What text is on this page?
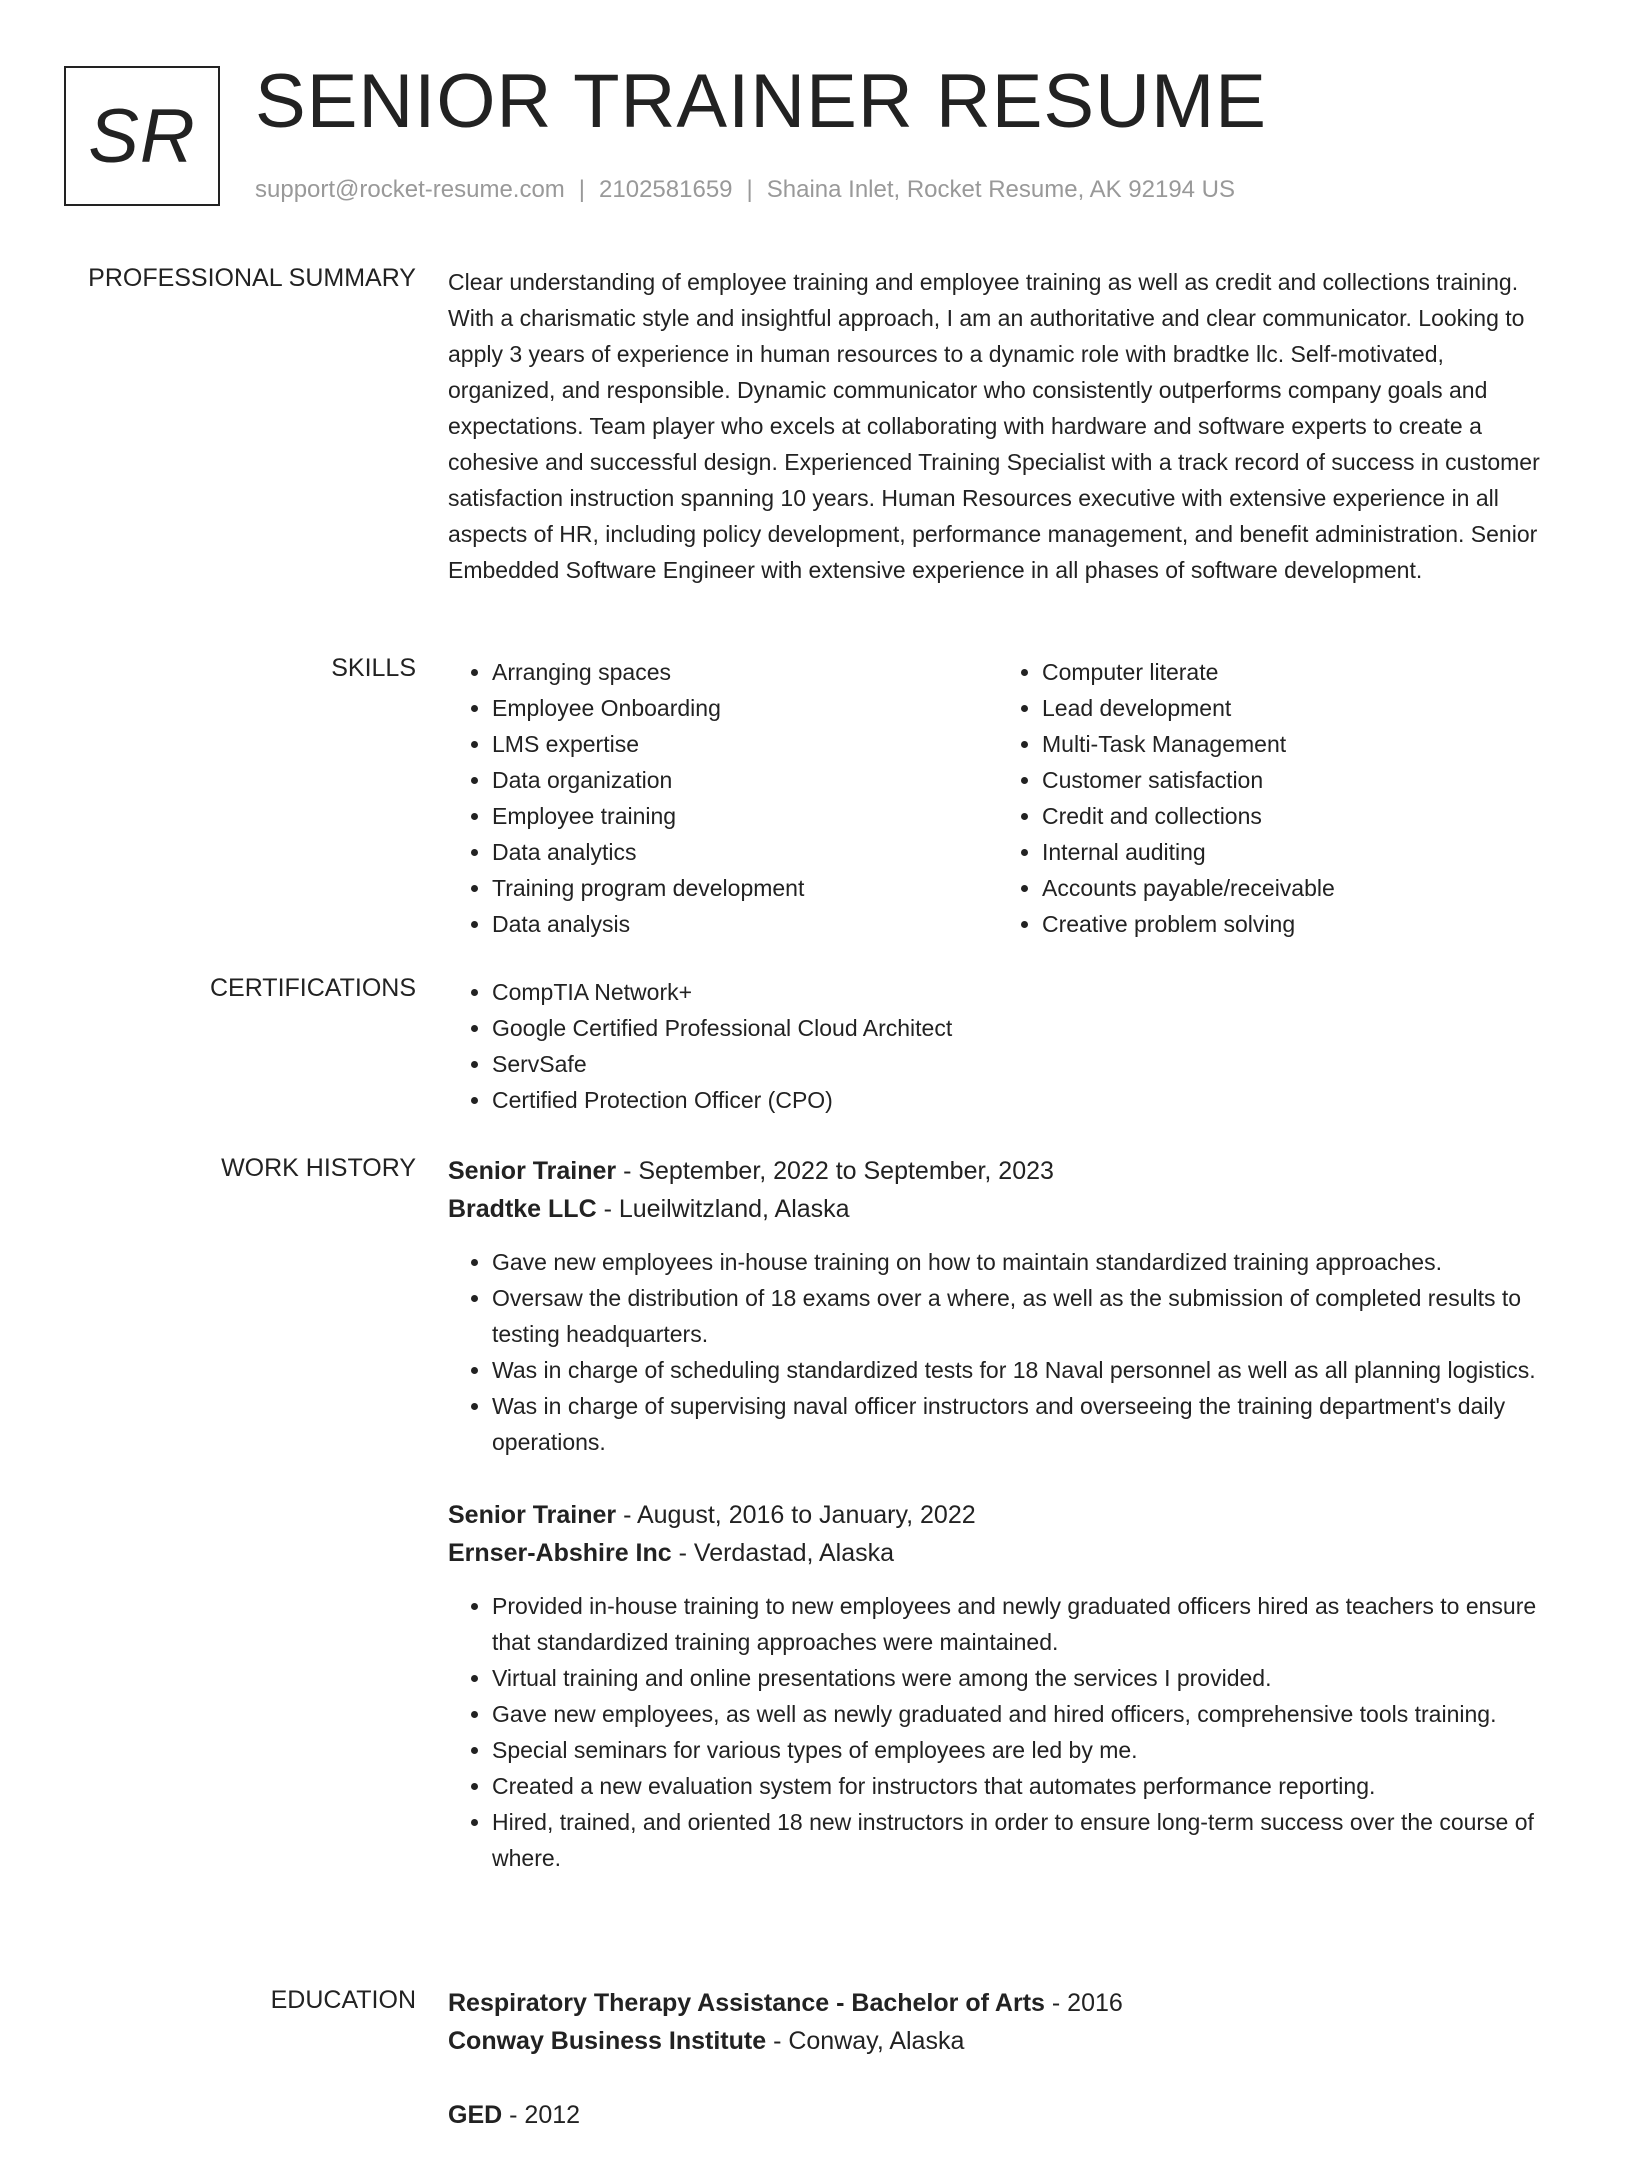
SR SENIOR TRAINER RESUME
support@rocket-resume.com | 2102581659 | Shaina Inlet, Rocket Resume, AK 92194 US
PROFESSIONAL SUMMARY Clear understanding of employee training and employee training as well as credit and collections training. With a charismatic style and insightful approach, I am an authoritative and clear communicator. Looking to apply 3 years of experience in human resources to a dynamic role with bradtke llc. Self-motivated, organized, and responsible. Dynamic communicator who consistently outperforms company goals and expectations. Team player who excels at collaborating with hardware and software experts to create a cohesive and successful design. Experienced Training Specialist with a track record of success in customer satisfaction instruction spanning 10 years. Human Resources executive with extensive experience in all aspects of HR, including policy development, performance management, and benefit administration. Senior Embedded Software Engineer with extensive experience in all phases of software development.

SKILLS	• Arranging spaces
• Employee Onboarding
• LMS expertise
• Data organization
• Employee training
• Data analytics
• Training program development
• Data analysis
• Computer literate
• Lead development
• Multi-Task Management
• Customer satisfaction
• Credit and collections
• Internal auditing
• Accounts payable/receivable
• Creative problem solving
CERTIFICATIONS	• CompTIA Network+
• Google Certified Professional Cloud Architect
• ServSafe
• Certified Protection Officer (CPO)
WORK HISTORY Senior Trainer - September, 2022 to September, 2023
Bradtke LLC - Lueilwitzland, Alaska
• Gave new employees in-house training on how to maintain standardized training approaches.
• Oversaw the distribution of 18 exams over a where, as well as the submission of completed results to testing headquarters.
• Was in charge of scheduling standardized tests for 18 Naval personnel as well as all planning logistics.
• Was in charge of supervising naval officer instructors and overseeing the training department's daily operations.
Senior Trainer - August, 2016 to January, 2022
Ernser-Abshire Inc - Verdastad, Alaska
• Provided in-house training to new employees and newly graduated officers hired as teachers to ensure that standardized training approaches were maintained.
• Virtual training and online presentations were among the services I provided.
• Gave new employees, as well as newly graduated and hired officers, comprehensive tools training.
• Special seminars for various types of employees are led by me.
• Created a new evaluation system for instructors that automates performance reporting.
• Hired, trained, and oriented 18 new instructors in order to ensure long-term success over the course of where.
EDUCATION Respiratory Therapy Assistance - Bachelor of Arts - 2016
Conway Business Institute - Conway, Alaska
GED - 2012
